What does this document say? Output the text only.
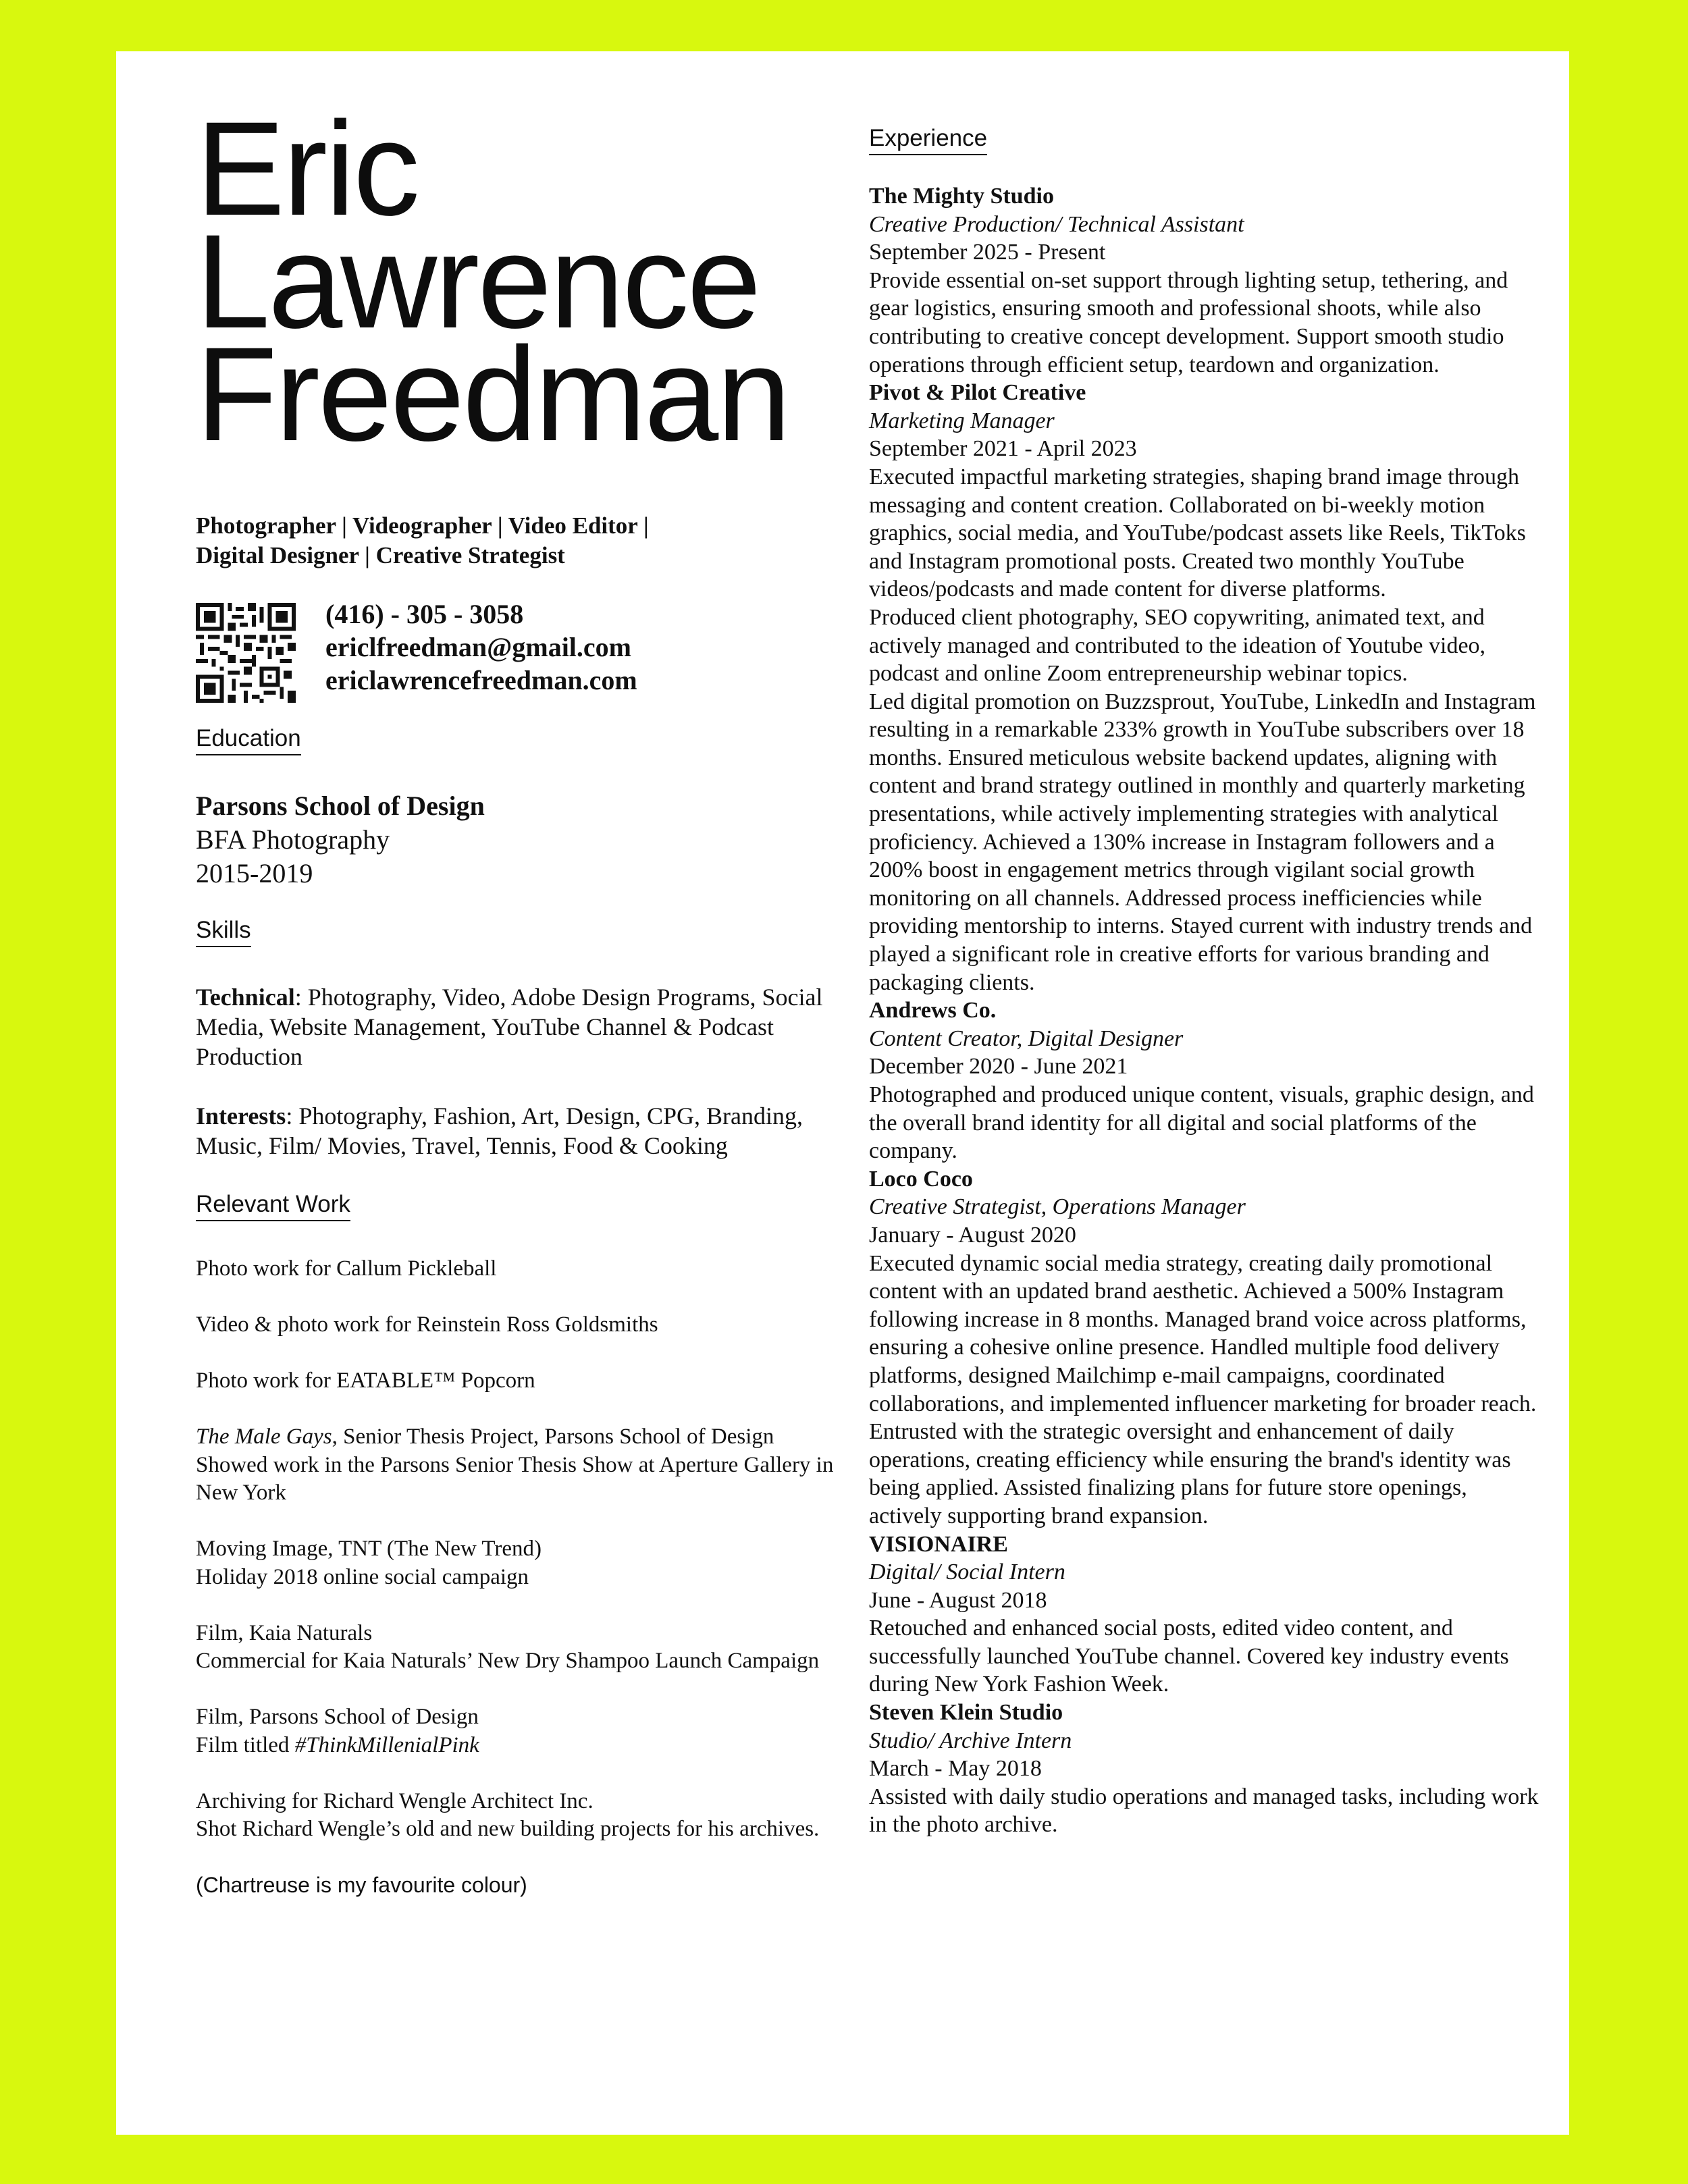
Eric
Lawrence
Freedman
Photographer | Videographer | Video Editor |
Digital Designer | Creative Strategist
(416) - 305 - 3058
ericlfreedman@gmail.com
ericlawrencefreedman.com
Education
Parsons School of Design
BFA Photography
2015-2019
Skills

Technical: Photography, Video, Adobe Design Programs, Social Media, Website Management, YouTube Channel & Podcast Production

Interests: Photography, Fashion, Art, Design, CPG, Branding, Music, Film/ Movies, Travel, Tennis, Food & Cooking

Relevant Work
Photo work for Callum Pickleball
Video & photo work for Reinstein Ross Goldsmiths
Photo work for EATABLE™ Popcorn
The Male Gays, Senior Thesis Project, Parsons School of Design
Showed work in the Parsons Senior Thesis Show at Aperture Gallery in New York
Moving Image, TNT (The New Trend)
Holiday 2018 online social campaign
Film, Kaia Naturals
Commercial for Kaia Naturals’ New Dry Shampoo Launch Campaign
Film, Parsons School of Design
Film titled #ThinkMillenialPink
Archiving for Richard Wengle Architect Inc.
Shot Richard Wengle’s old and new building projects for his archives.
(Chartreuse is my favourite colour)
Experience
The Mighty Studio
Creative Production/ Technical Assistant
September 2025 - Present

Provide essential on-set support through lighting setup, tethering, and gear logistics, ensuring smooth and professional shoots, while also contributing to creative concept development. Support smooth studio operations through efficient setup, teardown and organization.

Pivot & Pilot Creative
Marketing Manager
September 2021 - April 2023

Executed impactful marketing strategies, shaping brand image through messaging and content creation. Collaborated on bi-weekly motion graphics, social media, and YouTube/podcast assets like Reels, TikToks and Instagram promotional posts. Created two monthly YouTube videos/podcasts and made content for diverse platforms.

Produced client photography, SEO copywriting, animated text, and actively managed and contributed to the ideation of Youtube video, podcast and online Zoom entrepreneurship webinar topics.

Led digital promotion on Buzzsprout, YouTube, LinkedIn and Instagram resulting in a remarkable 233% growth in YouTube subscribers over 18 months. Ensured meticulous website backend updates, aligning with content and brand strategy outlined in monthly and quarterly marketing presentations, while actively implementing strategies with analytical proficiency. Achieved a 130% increase in Instagram followers and a 200% boost in engagement metrics through vigilant social growth monitoring on all channels. Addressed process inefficiencies while providing mentorship to interns. Stayed current with industry trends and played a significant role in creative efforts for various branding and packaging clients.

Andrews Co.
Content Creator, Digital Designer
December 2020 - June 2021

Photographed and produced unique content, visuals, graphic design, and the overall brand identity for all digital and social platforms of the company.

Loco Coco
Creative Strategist, Operations Manager
January - August 2020

Executed dynamic social media strategy, creating daily promotional content with an updated brand aesthetic. Achieved a 500% Instagram following increase in 8 months. Managed brand voice across platforms, ensuring a cohesive online presence. Handled multiple food delivery platforms, designed Mailchimp e-mail campaigns, coordinated collaborations, and implemented influencer marketing for broader reach. Entrusted with the strategic oversight and enhancement of daily operations, creating efficiency while ensuring the brand's identity was being applied. Assisted finalizing plans for future store openings, actively supporting brand expansion.

VISIONAIRE
Digital/ Social Intern
June - August 2018

Retouched and enhanced social posts, edited video content, and successfully launched YouTube channel. Covered key industry events during New York Fashion Week.

Steven Klein Studio
Studio/ Archive Intern
March - May 2018

Assisted with daily studio operations and managed tasks, including work in the photo archive.
